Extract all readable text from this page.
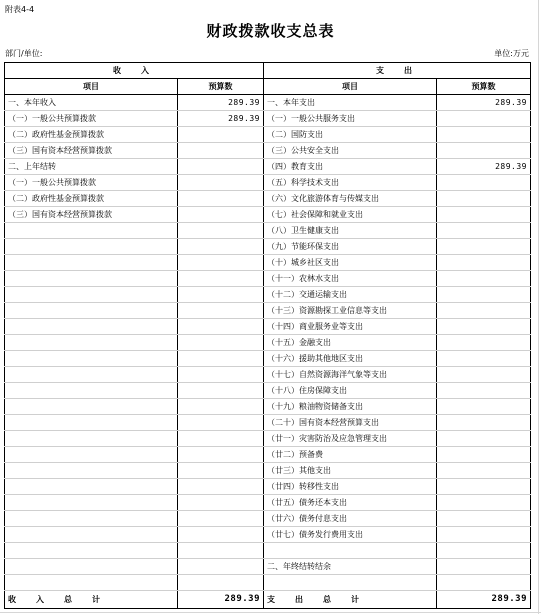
附表4-4
财政拨款收支总表
部门/单位:	单位:万元
收　入		支　出	
项目	预算数	项目	预算数
一、本年收入	289.39	一、本年支出	289.39
（一）一般公共预算拨款	289.39	（一）一般公共服务支出	
（二）政府性基金预算拨款		（二）国防支出	
（三）国有资本经营预算拨款		（三）公共安全支出	
二、上年结转		（四）教育支出	289.39
（一）一般公共预算拨款		（五）科学技术支出	
（二）政府性基金预算拨款		（六）文化旅游体育与传媒支出	
（三）国有资本经营预算拨款		（七）社会保障和就业支出	
		（八）卫生健康支出	
		（九）节能环保支出	
		（十）城乡社区支出	
		（十一）农林水支出	
		（十二）交通运输支出	
		（十三）资源勘探工业信息等支出	
		（十四）商业服务业等支出	
		（十五）金融支出	
		（十六）援助其他地区支出	
		（十七）自然资源海洋气象等支出	
		（十八）住房保障支出	
		（十九）粮油物资储备支出	
		（二十）国有资本经营预算支出	
		（廿一）灾害防治及应急管理支出	
		（廿二）预备费	
		（廿三）其他支出	
		（廿四）转移性支出	
		（廿五）债务还本支出	
		（廿六）债务付息支出	
		（廿七）债务发行费用支出	

		二、年终结转结余	

收　入　总　计	289.39	支　出　总　计	289.39
